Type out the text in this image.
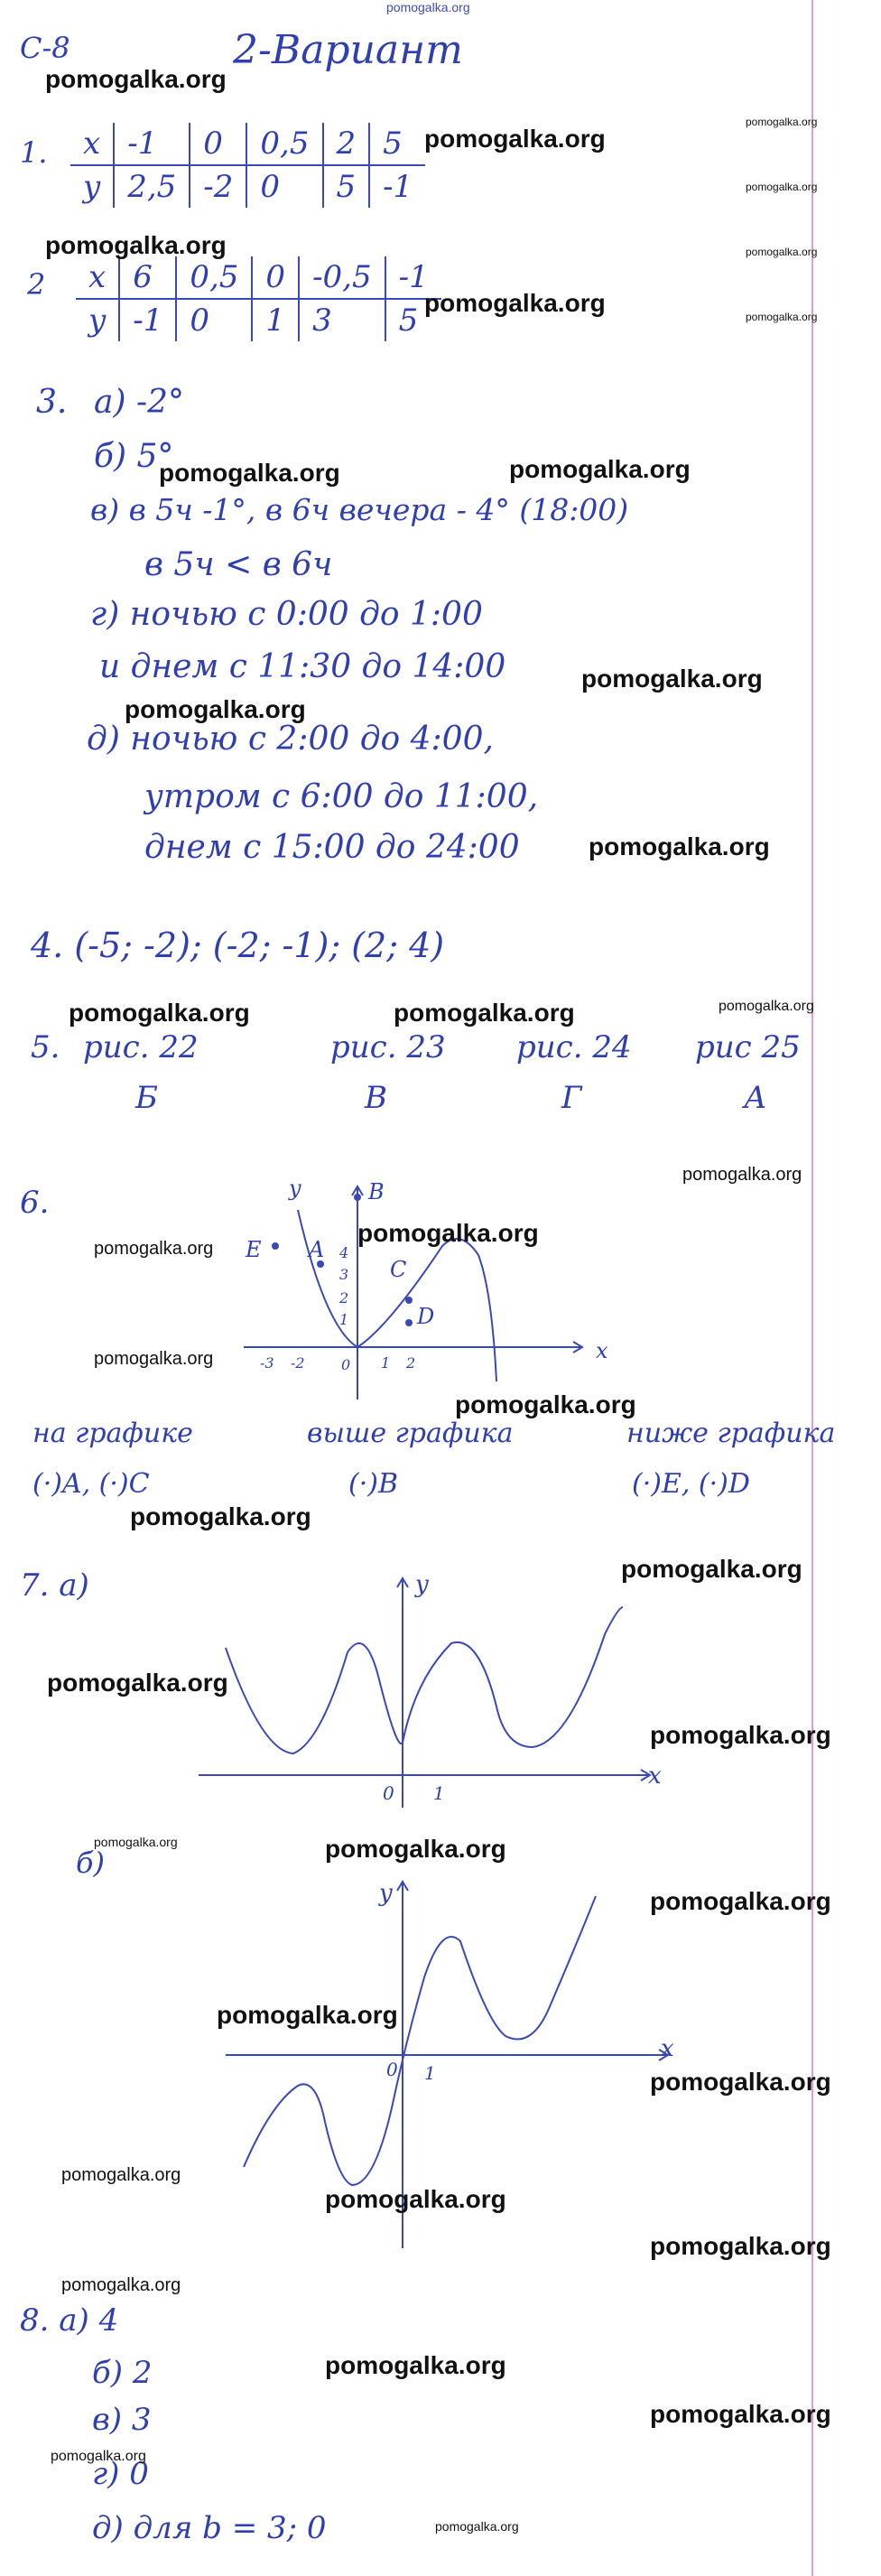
pomogalka.org
С-8	2-Вариант
1. x	-1	0	0,5	2	5
y	2,5	-2	0	5	-1
2 x	6	0,5	0	-0,5	-1
y	-1	0	1	3	5
3. а) -2°
б) 5°
в) в 5ч -1°, в 6ч вечера - 4° (18:00)
в 5ч < в 6ч
г) ночью с 0:00 до 1:00
и днем с 11:30 до 14:00
д) ночью с 2:00 до 4:00,
утром с 6:00 до 11:00,
днем с 15:00 до 24:00
4. (-5; -2); (-2; -1); (2; 4)
5. рис. 22
Б
рис. 23
В
рис. 24
Г
рис 25
А
6.	y
x
E A
B
C
D
-3 -2	0 1 2
1
2
3
4
на графике
(·)A, (·)C
выше графика
(·)B
ниже графика
(·)E, (·)D
7. а)	y
x
0 1
б)
y
x
0 1
8. а) 4
б) 2
в) 3
г) 0
д) для b = 3; 0
pomogalka.org
pomogalka.org
pomogalka.org
pomogalka.org
pomogalka.org	pomogalka.org
pomogalka.org	pomogalka.org
pomogalka.org	pomogalka.org
pomogalka.org
pomogalka.org
pomogalka.org
pomogalka.org	pomogalka.org	pomogalka.org
pomogalka.org
pomogalka.org
pomogalka.org
pomogalka.org
pomogalka.org
pomogalka.org
pomogalka.org
pomogalka.org
pomogalka.org
pomogalka.org	pomogalka.org
pomogalka.org
pomogalka.org
pomogalka.org
pomogalka.org
pomogalka.org
pomogalka.org
pomogalka.org
pomogalka.org
pomogalka.org
pomogalka.org
pomogalka.org
